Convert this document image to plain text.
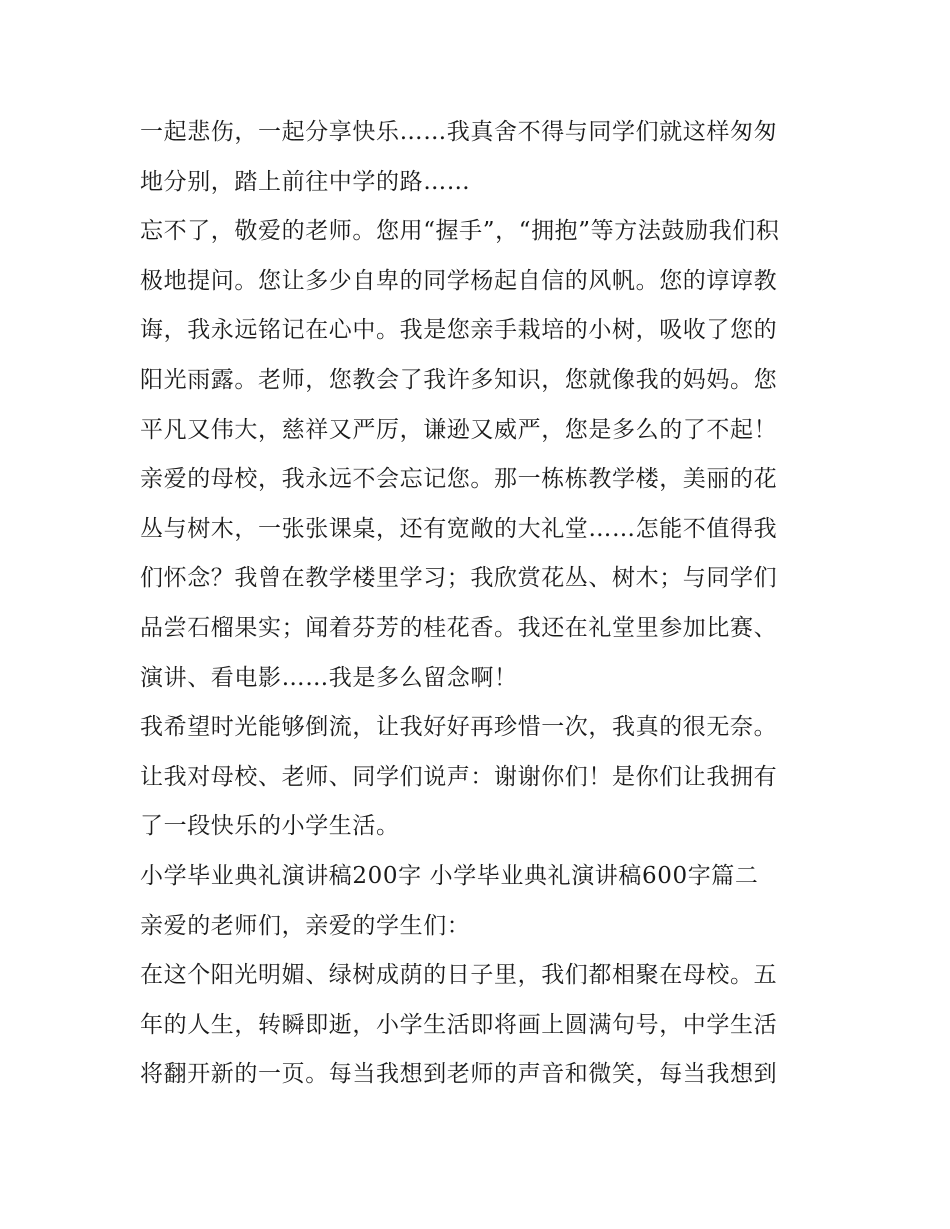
一起悲伤，一起分享快乐……我真舍不得与同学们就这样匆匆
地分别，踏上前往中学的路……
忘不了，敬爱的老师。您用“握手”，“拥抱”等方法鼓励我们积
极地提问。您让多少自卑的同学杨起自信的风帆。您的谆谆教
诲，我永远铭记在心中。我是您亲手栽培的小树，吸收了您的
阳光雨露。老师，您教会了我许多知识，您就像我的妈妈。您
平凡又伟大，慈祥又严厉，谦逊又威严，您是多么的了不起！
亲爱的母校，我永远不会忘记您。那一栋栋教学楼，美丽的花
丛与树木，一张张课桌，还有宽敞的大礼堂……怎能不值得我
们怀念？我曾在教学楼里学习；我欣赏花丛、树木；与同学们
品尝石榴果实；闻着芬芳的桂花香。我还在礼堂里参加比赛、
演讲、看电影……我是多么留念啊！
我希望时光能够倒流，让我好好再珍惜一次，我真的很无奈。
让我对母校、老师、同学们说声：谢谢你们！是你们让我拥有
了一段快乐的小学生活。
小学毕业典礼演讲稿200字 小学毕业典礼演讲稿600字篇二
亲爱的老师们，亲爱的学生们：
在这个阳光明媚、绿树成荫的日子里，我们都相聚在母校。五
年的人生，转瞬即逝，小学生活即将画上圆满句号，中学生活
将翻开新的一页。每当我想到老师的声音和微笑，每当我想到
